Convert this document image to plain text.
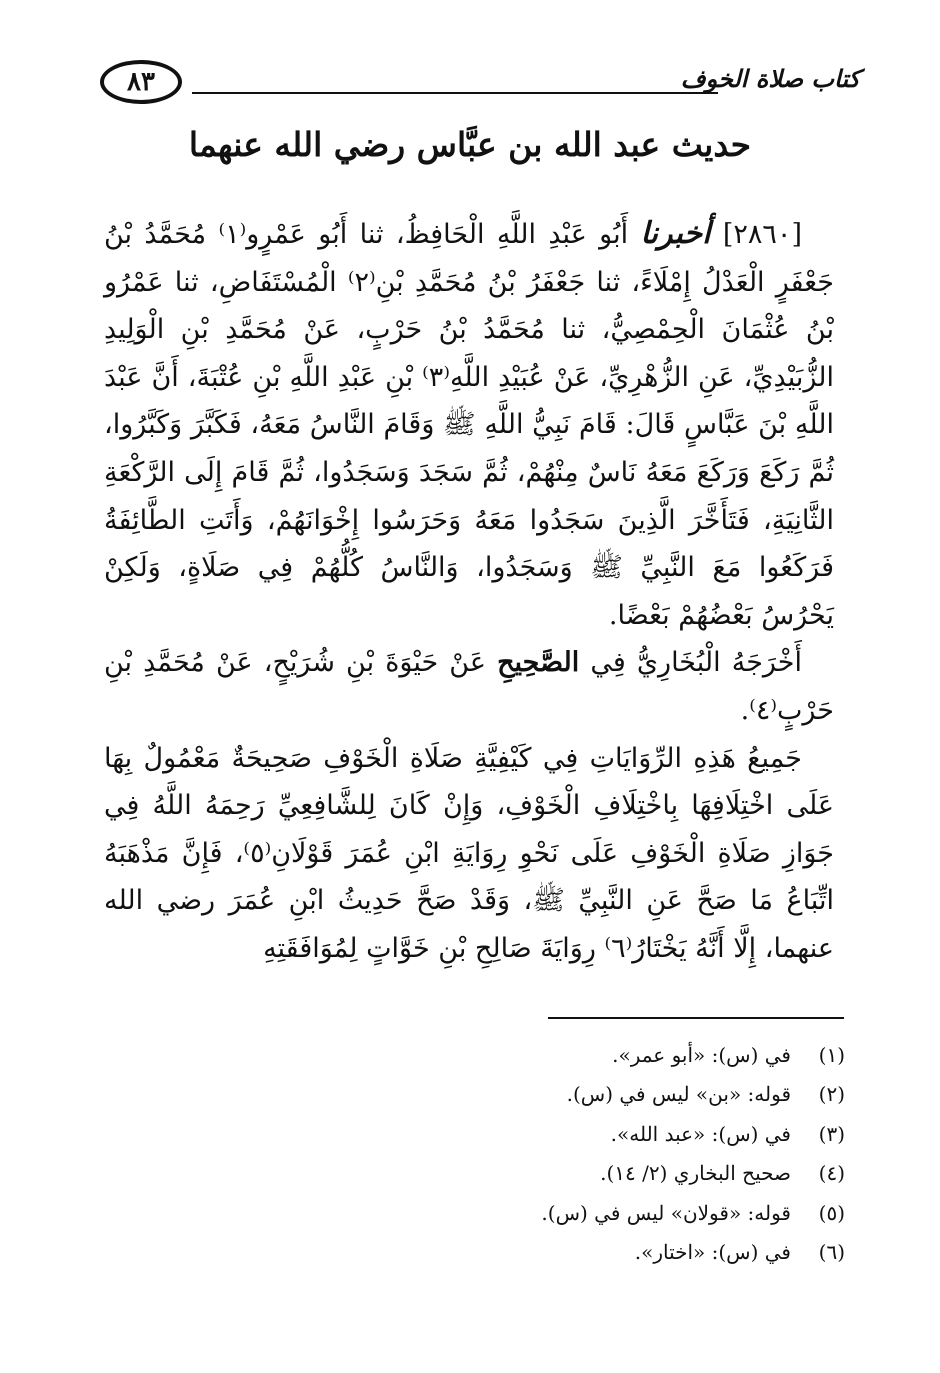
٨٣	كتاب صلاة الخوف
حديث عبد الله بن عبَّاس رضي الله عنهما

[٢٨٦٠] أخبرنا أَبُو عَبْدِ اللَّهِ الْحَافِظُ، ثنا أَبُو عَمْرٍو⁽١⁾ مُحَمَّدُ بْنُ جَعْفَرٍ الْعَدْلُ إِمْلَاءً، ثنا جَعْفَرُ بْنُ مُحَمَّدِ بْنِ⁽٢⁾ الْمُسْتَفَاضِ، ثنا عَمْرُو بْنُ عُثْمَانَ الْحِمْصِيُّ، ثنا مُحَمَّدُ بْنُ حَرْبٍ، عَنْ مُحَمَّدِ بْنِ الْوَلِيدِ الزُّبَيْدِيِّ، عَنِ الزُّهْرِيِّ، عَنْ عُبَيْدِ اللَّهِ⁽٣⁾ بْنِ عَبْدِ اللَّهِ بْنِ عُتْبَةَ، أَنَّ عَبْدَ اللَّهِ بْنَ عَبَّاسٍ قَالَ: قَامَ نَبِيُّ اللَّهِ ﷺ وَقَامَ النَّاسُ مَعَهُ، فَكَبَّرَ وَكَبَّرُوا، ثُمَّ رَكَعَ وَرَكَعَ مَعَهُ نَاسٌ مِنْهُمْ، ثُمَّ سَجَدَ وَسَجَدُوا، ثُمَّ قَامَ إِلَى الرَّكْعَةِ الثَّانِيَةِ، فَتَأَخَّرَ الَّذِينَ سَجَدُوا مَعَهُ وَحَرَسُوا إِخْوَانَهُمْ، وَأَتَتِ الطَّائِفَةُ فَرَكَعُوا مَعَ النَّبِيِّ ﷺ وَسَجَدُوا، وَالنَّاسُ كُلُّهُمْ فِي صَلَاةٍ، وَلَكِنْ يَحْرُسُ بَعْضُهُمْ بَعْضًا.

أَخْرَجَهُ الْبُخَارِيُّ فِي الصَّحِيحِ عَنْ حَيْوَةَ بْنِ شُرَيْحٍ، عَنْ مُحَمَّدِ بْنِ حَرْبٍ⁽٤⁾.

جَمِيعُ هَذِهِ الرِّوَايَاتِ فِي كَيْفِيَّةِ صَلَاةِ الْخَوْفِ صَحِيحَةٌ مَعْمُولٌ بِهَا عَلَى اخْتِلَافِهَا بِاخْتِلَافِ الْخَوْفِ، وَإِنْ كَانَ لِلشَّافِعِيِّ رَحِمَهُ اللَّهُ فِي جَوَازِ صَلَاةِ الْخَوْفِ عَلَى نَحْوِ رِوَايَةِ ابْنِ عُمَرَ قَوْلَانِ⁽٥⁾، فَإِنَّ مَذْهَبَهُ اتِّبَاعُ مَا صَحَّ عَنِ النَّبِيِّ ﷺ، وَقَدْ صَحَّ حَدِيثُ ابْنِ عُمَرَ رضي الله عنهما، إِلَّا أَنَّهُ يَخْتَارُ⁽٦⁾ رِوَايَةَ صَالِحِ بْنِ خَوَّاتٍ لِمُوَافَقَتِهِ

(١)
في (س): «أبو عمر».
(٢)
قوله: «بن» ليس في (س).
(٣)
في (س): «عبد الله».
(٤)
صحيح البخاري (٢/ ١٤).
(٥)
قوله: «قولان» ليس في (س).
(٦)
في (س): «اختار».
